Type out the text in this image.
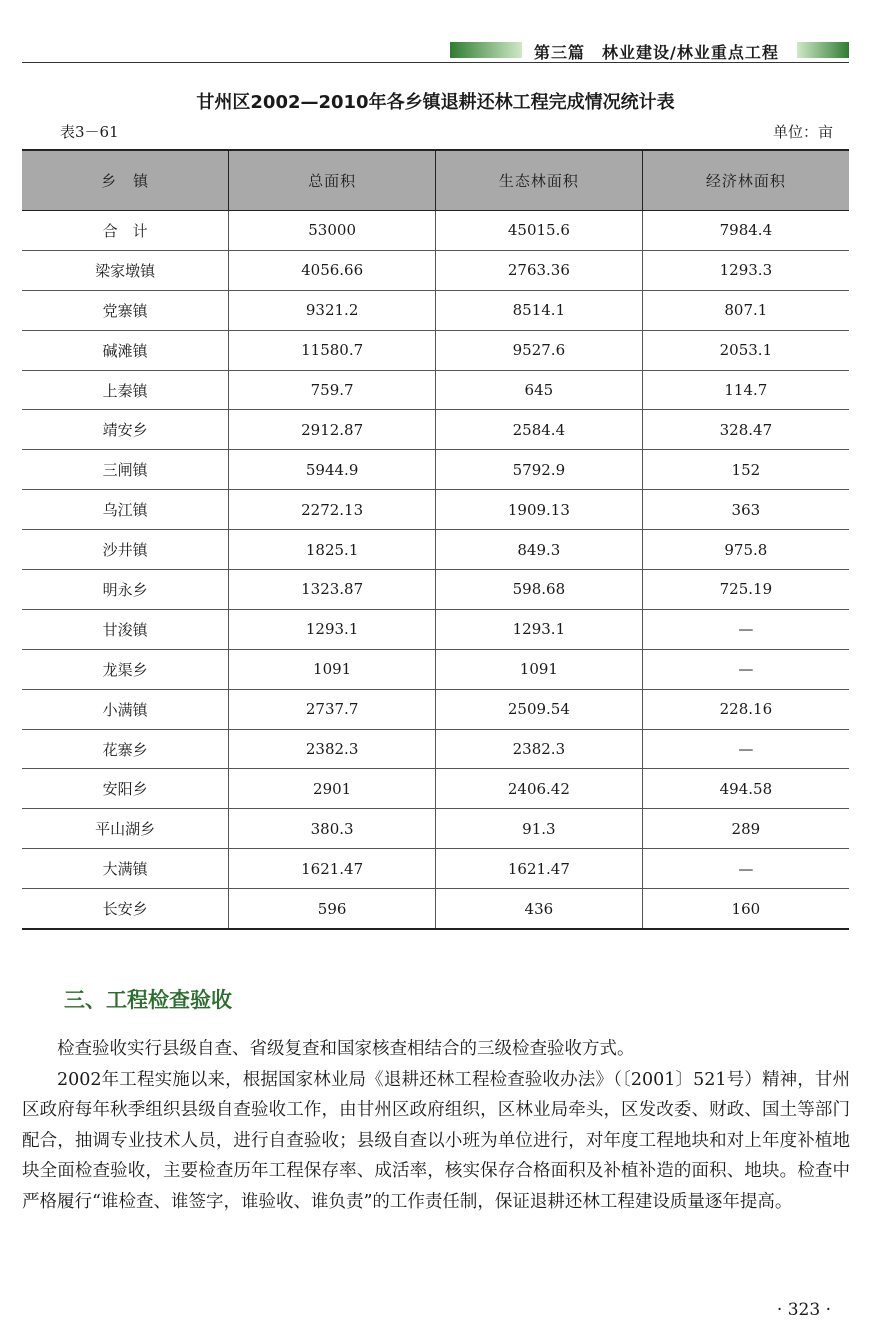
第三篇　林业建设/林业重点工程
甘州区2002—2010年各乡镇退耕还林工程完成情况统计表
表3－61	单位：亩
乡　镇	总面积	生态林面积	经济林面积
合　计	53000	45015.6	7984.4
梁家墩镇	4056.66	2763.36	1293.3
党寨镇	9321.2	8514.1	807.1
碱滩镇	11580.7	9527.6	2053.1
上秦镇	759.7	645	114.7
靖安乡	2912.87	2584.4	328.47
三闸镇	5944.9	5792.9	152
乌江镇	2272.13	1909.13	363
沙井镇	1825.1	849.3	975.8
明永乡	1323.87	598.68	725.19
甘浚镇	1293.1	1293.1	—
龙渠乡	1091	1091	—
小满镇	2737.7	2509.54	228.16
花寨乡	2382.3	2382.3	—
安阳乡	2901	2406.42	494.58
平山湖乡	380.3	91.3	289
大满镇	1621.47	1621.47	—
长安乡	596	436	160
三、工程检查验收

检查验收实行县级自查、省级复查和国家核查相结合的三级检查验收方式。

2002年工程实施以来，根据国家林业局《退耕还林工程检查验收办法》（〔2001〕521号）精神，甘州区政府每年秋季组织县级自查验收工作，由甘州区政府组织，区林业局牵头，区发改委、财政、国土等部门配合，抽调专业技术人员，进行自查验收；县级自查以小班为单位进行，对年度工程地块和对上年度补植地块全面检查验收，主要检查历年工程保存率、成活率，核实保存合格面积及补植补造的面积、地块。检查中严格履行“谁检查、谁签字，谁验收、谁负责”的工作责任制，保证退耕还林工程建设质量逐年提高。

· 323 ·
